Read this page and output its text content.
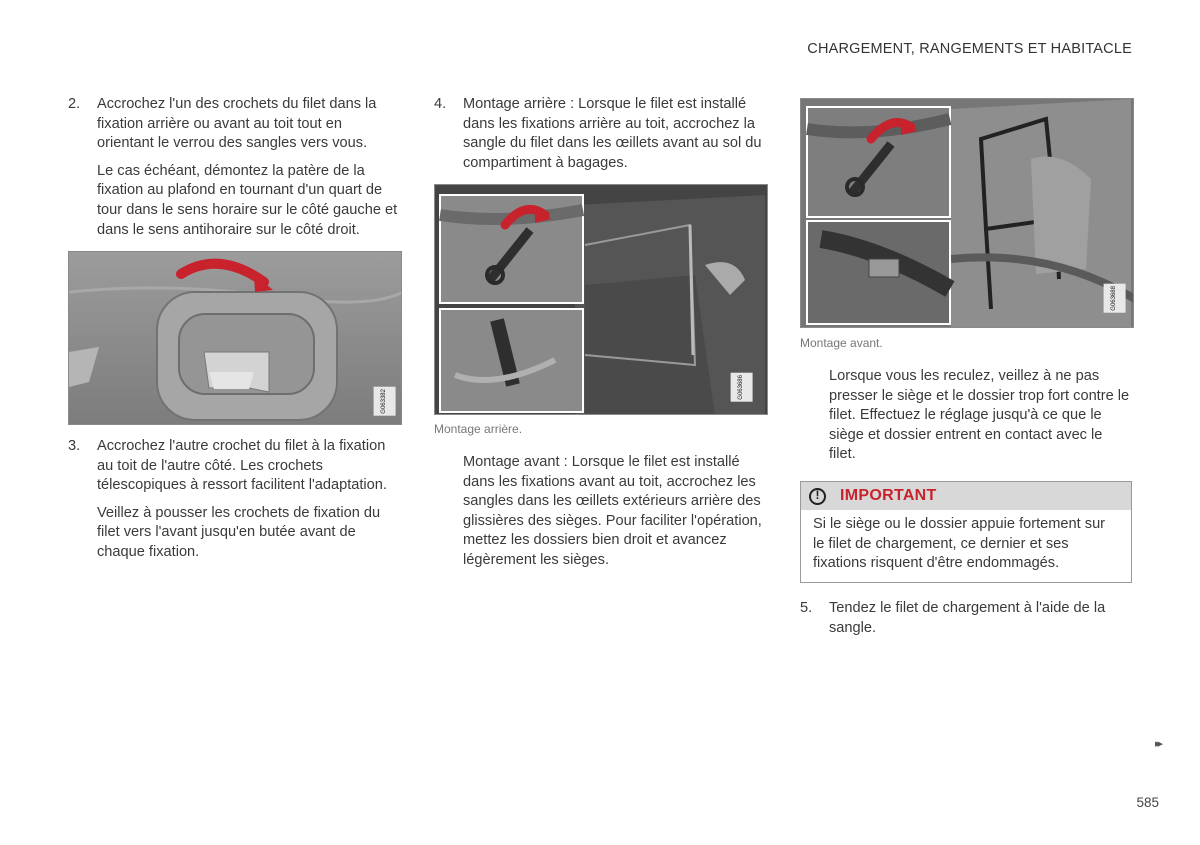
CHARGEMENT, RANGEMENTS ET HABITACLE
2.	Accrochez l'un des crochets du filet dans la fixation arrière ou avant au toit tout en orientant le verrou des sangles vers vous.

Le cas échéant, démontez la patère de la fixation au plafond en tournant d'un quart de tour dans le sens horaire sur le côté gauche et dans le sens antihoraire sur le côté droit.

G063382
3.	Accrochez l'autre crochet du filet à la fixation au toit de l'autre côté. Les crochets télescopiques à ressort facilitent l'adaptation.

Veillez à pousser les crochets de fixation du filet vers l'avant jusqu'en butée avant de chaque fixation.

4.	Montage arrière : Lorsque le filet est installé dans les fixations arrière au toit, accrochez la sangle du filet dans les œillets avant au sol du compartiment à bagages.

G063686
Montage arrière.
Montage avant : Lorsque le filet est installé dans les fixations avant au toit, accrochez les sangles dans les œillets extérieurs arrière des glissières des sièges. Pour faciliter l'opération, mettez les dossiers bien droit et avancez légèrement les sièges.
G063688
Montage avant.
Lorsque vous les reculez, veillez à ne pas presser le siège et le dossier trop fort contre le filet. Effectuez le réglage jusqu'à ce que le siège et dossier entrent en contact avec le filet.
!	IMPORTANT
Si le siège ou le dossier appuie fortement sur le filet de chargement, ce dernier et ses fixations risquent d'être endommagés.
5.	Tendez le filet de chargement à l'aide de la sangle.

▸▸
585
